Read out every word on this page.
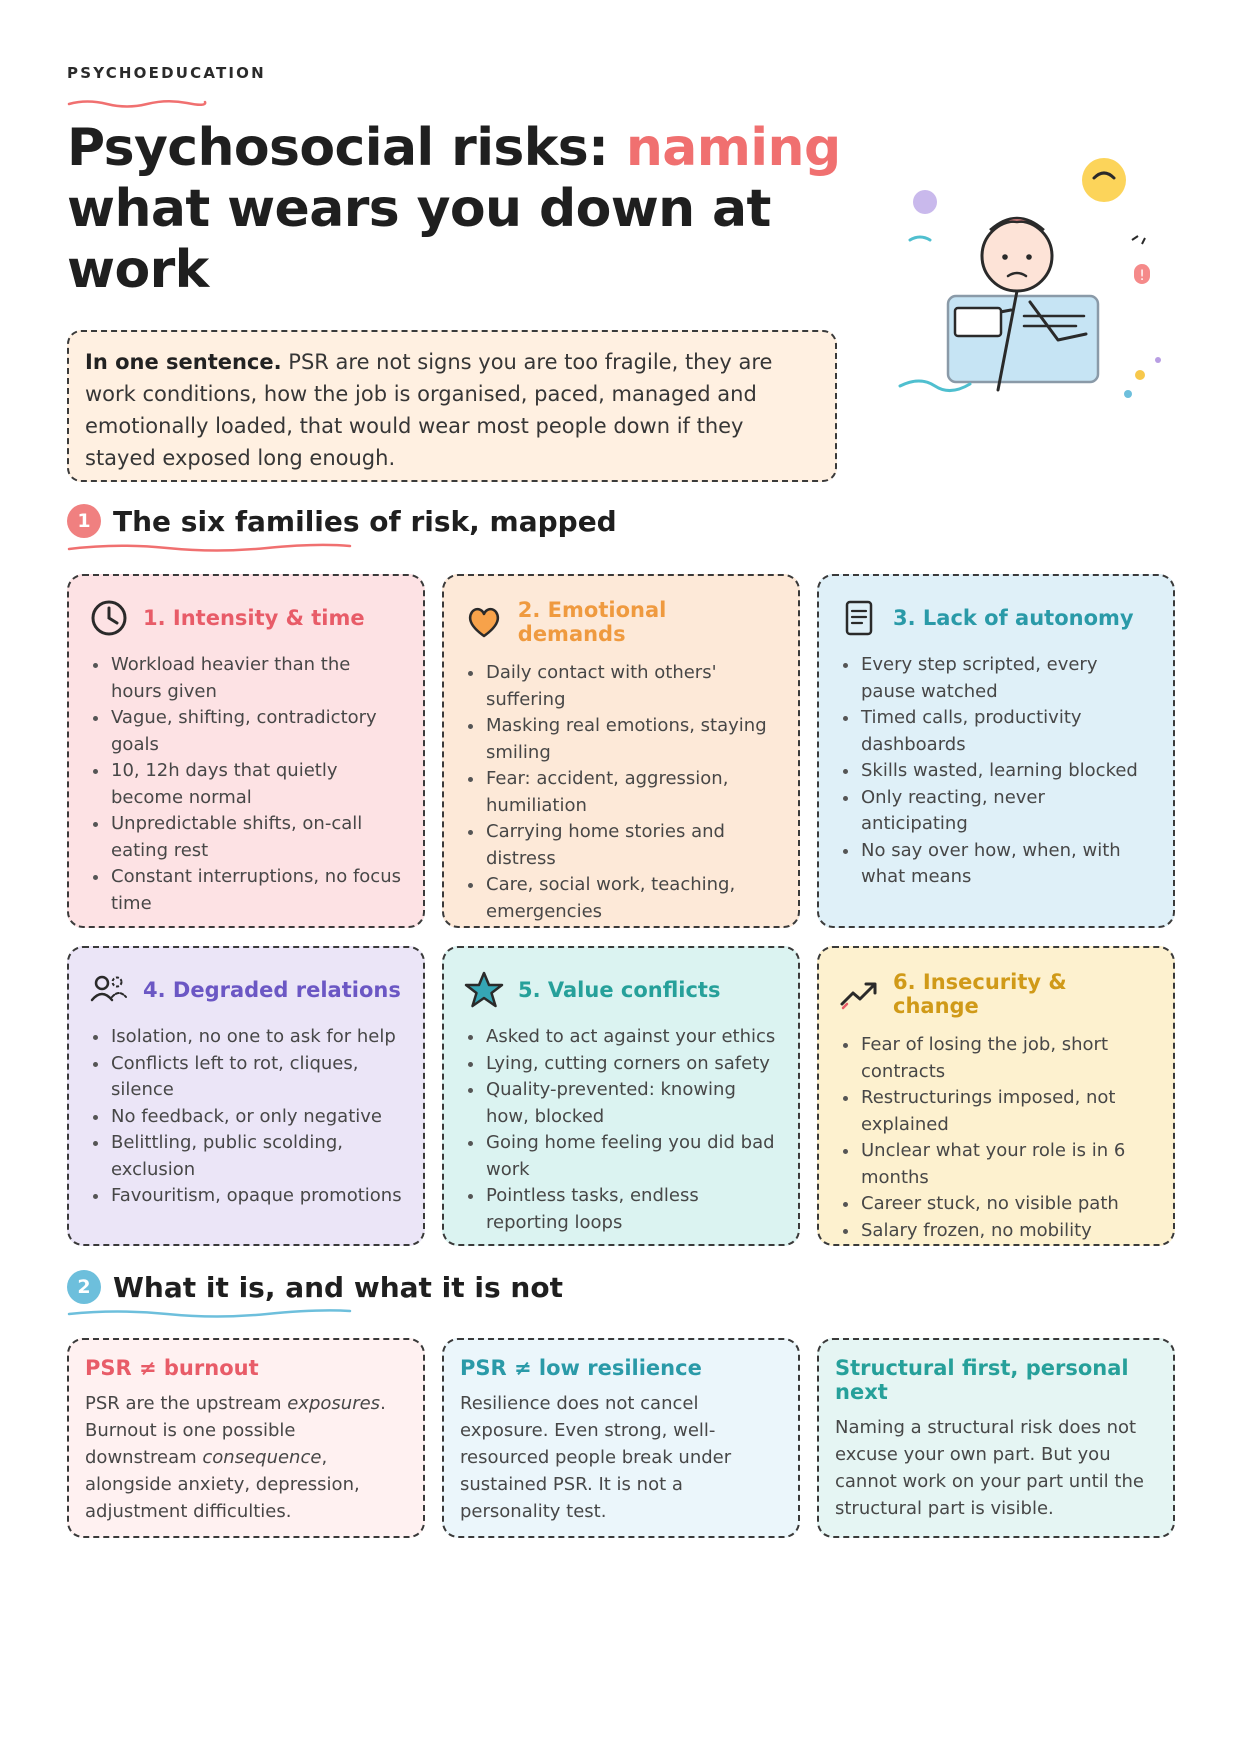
PSYCHOEDUCATION
Psychosocial risks: naming what wears you down at work	!
In one sentence. PSR are not signs you are too fragile, they are work conditions, how the job is organised, paced, managed and emotionally loaded, that would wear most people down if they stayed exposed long enough.
1 The six families of risk, mapped
1. Intensity & time
Workload heavier than the hours given
Vague, shifting, contradictory goals
10, 12h days that quietly become normal
Unpredictable shifts, on-call eating rest
Constant interruptions, no focus time
2. Emotional demands
Daily contact with others' suffering
Masking real emotions, staying smiling
Fear: accident, aggression, humiliation
Carrying home stories and distress
Care, social work, teaching, emergencies
3. Lack of autonomy
Every step scripted, every pause watched
Timed calls, productivity dashboards
Skills wasted, learning blocked
Only reacting, never anticipating
No say over how, when, with what means
4. Degraded relations
Isolation, no one to ask for help
Conflicts left to rot, cliques, silence
No feedback, or only negative
Belittling, public scolding, exclusion
Favouritism, opaque promotions
5. Value conflicts
Asked to act against your ethics
Lying, cutting corners on safety
Quality-prevented: knowing how, blocked
Going home feeling you did bad work
Pointless tasks, endless reporting loops
6. Insecurity & change
Fear of losing the job, short contracts
Restructurings imposed, not explained
Unclear what your role is in 6 months
Career stuck, no visible path
Salary frozen, no mobility
2 What it is, and what it is not
PSR ≠ burnout
PSR are the upstream exposures. Burnout is one possible downstream consequence, alongside anxiety, depression, adjustment difficulties.
PSR ≠ low resilience
Resilience does not cancel exposure. Even strong, well-resourced people break under sustained PSR. It is not a personality test.
Structural first, personal next
Naming a structural risk does not excuse your own part. But you cannot work on your part until the structural part is visible.
